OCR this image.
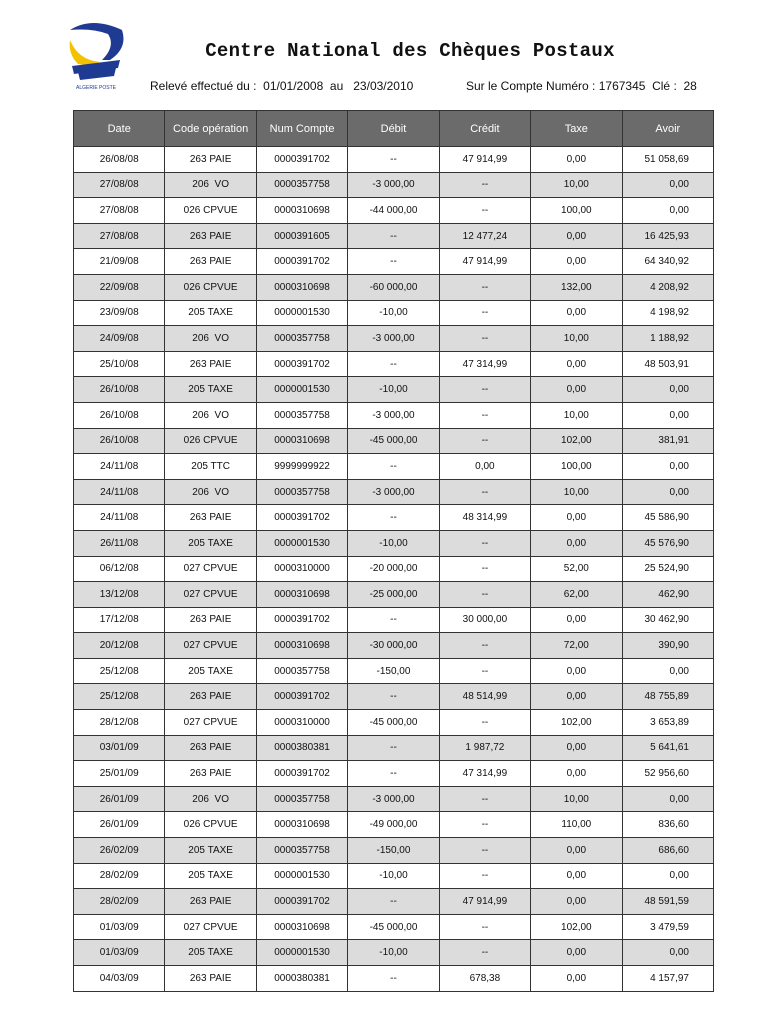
ALGERIE POSTE
Centre National des Chèques Postaux
Relevé effectué du :  01/01/2008  au   23/03/2010	Sur le Compte Numéro : 1767345  Clé :  28
Date	Code opération	Num Compte	Débit	Crédit	Taxe	Avoir
26/08/08	263 PAIE	0000391702	--	47 914,99	0,00	51 058,69
27/08/08	206  VO	0000357758	-3 000,00	--	10,00	0,00
27/08/08	026 CPVUE	0000310698	-44 000,00	--	100,00	0,00
27/08/08	263 PAIE	0000391605	--	12 477,24	0,00	16 425,93
21/09/08	263 PAIE	0000391702	--	47 914,99	0,00	64 340,92
22/09/08	026 CPVUE	0000310698	-60 000,00	--	132,00	4 208,92
23/09/08	205 TAXE	0000001530	-10,00	--	0,00	4 198,92
24/09/08	206  VO	0000357758	-3 000,00	--	10,00	1 188,92
25/10/08	263 PAIE	0000391702	--	47 314,99	0,00	48 503,91
26/10/08	205 TAXE	0000001530	-10,00	--	0,00	0,00
26/10/08	206  VO	0000357758	-3 000,00	--	10,00	0,00
26/10/08	026 CPVUE	0000310698	-45 000,00	--	102,00	381,91
24/11/08	205 TTC	9999999922	--	0,00	100,00	0,00
24/11/08	206  VO	0000357758	-3 000,00	--	10,00	0,00
24/11/08	263 PAIE	0000391702	--	48 314,99	0,00	45 586,90
26/11/08	205 TAXE	0000001530	-10,00	--	0,00	45 576,90
06/12/08	027 CPVUE	0000310000	-20 000,00	--	52,00	25 524,90
13/12/08	027 CPVUE	0000310698	-25 000,00	--	62,00	462,90
17/12/08	263 PAIE	0000391702	--	30 000,00	0,00	30 462,90
20/12/08	027 CPVUE	0000310698	-30 000,00	--	72,00	390,90
25/12/08	205 TAXE	0000357758	-150,00	--	0,00	0,00
25/12/08	263 PAIE	0000391702	--	48 514,99	0,00	48 755,89
28/12/08	027 CPVUE	0000310000	-45 000,00	--	102,00	3 653,89
03/01/09	263 PAIE	0000380381	--	1 987,72	0,00	5 641,61
25/01/09	263 PAIE	0000391702	--	47 314,99	0,00	52 956,60
26/01/09	206  VO	0000357758	-3 000,00	--	10,00	0,00
26/01/09	026 CPVUE	0000310698	-49 000,00	--	110,00	836,60
26/02/09	205 TAXE	0000357758	-150,00	--	0,00	686,60
28/02/09	205 TAXE	0000001530	-10,00	--	0,00	0,00
28/02/09	263 PAIE	0000391702	--	47 914,99	0,00	48 591,59
01/03/09	027 CPVUE	0000310698	-45 000,00	--	102,00	3 479,59
01/03/09	205 TAXE	0000001530	-10,00	--	0,00	0,00
04/03/09	263 PAIE	0000380381	--	678,38	0,00	4 157,97
